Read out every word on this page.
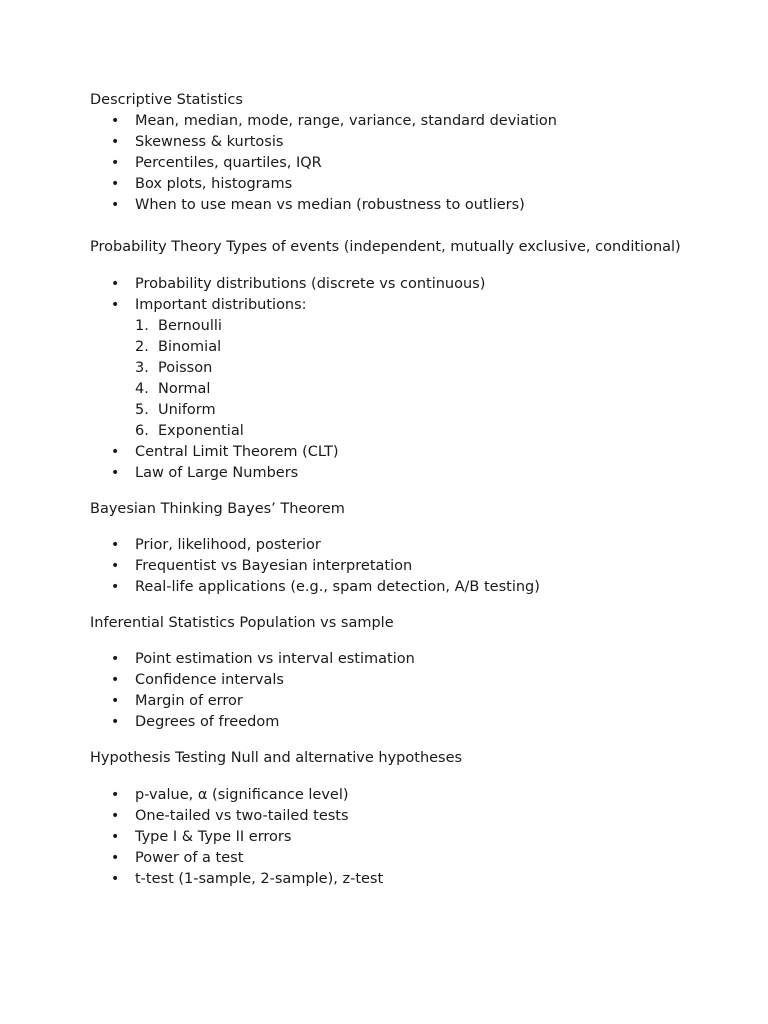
Descriptive Statistics

• Mean, median, mode, range, variance, standard deviation
• Skewness & kurtosis
• Percentiles, quartiles, IQR
• Box plots, histograms
• When to use mean vs median (robustness to outliers)

Probability Theory Types of events (independent, mutually exclusive, conditional)

• Probability distributions (discrete vs continuous)
• Important distributions:
1. Bernoulli
2. Binomial
3. Poisson
4. Normal
5. Uniform
6. Exponential
• Central Limit Theorem (CLT)
• Law of Large Numbers

Bayesian Thinking Bayes’ Theorem

• Prior, likelihood, posterior
• Frequentist vs Bayesian interpretation
• Real-life applications (e.g., spam detection, A/B testing)

Inferential Statistics Population vs sample

• Point estimation vs interval estimation
• Confidence intervals
• Margin of error
• Degrees of freedom

Hypothesis Testing Null and alternative hypotheses

• p-value, α (significance level)
• One-tailed vs two-tailed tests
• Type I & Type II errors
• Power of a test
• t-test (1-sample, 2-sample), z-test
